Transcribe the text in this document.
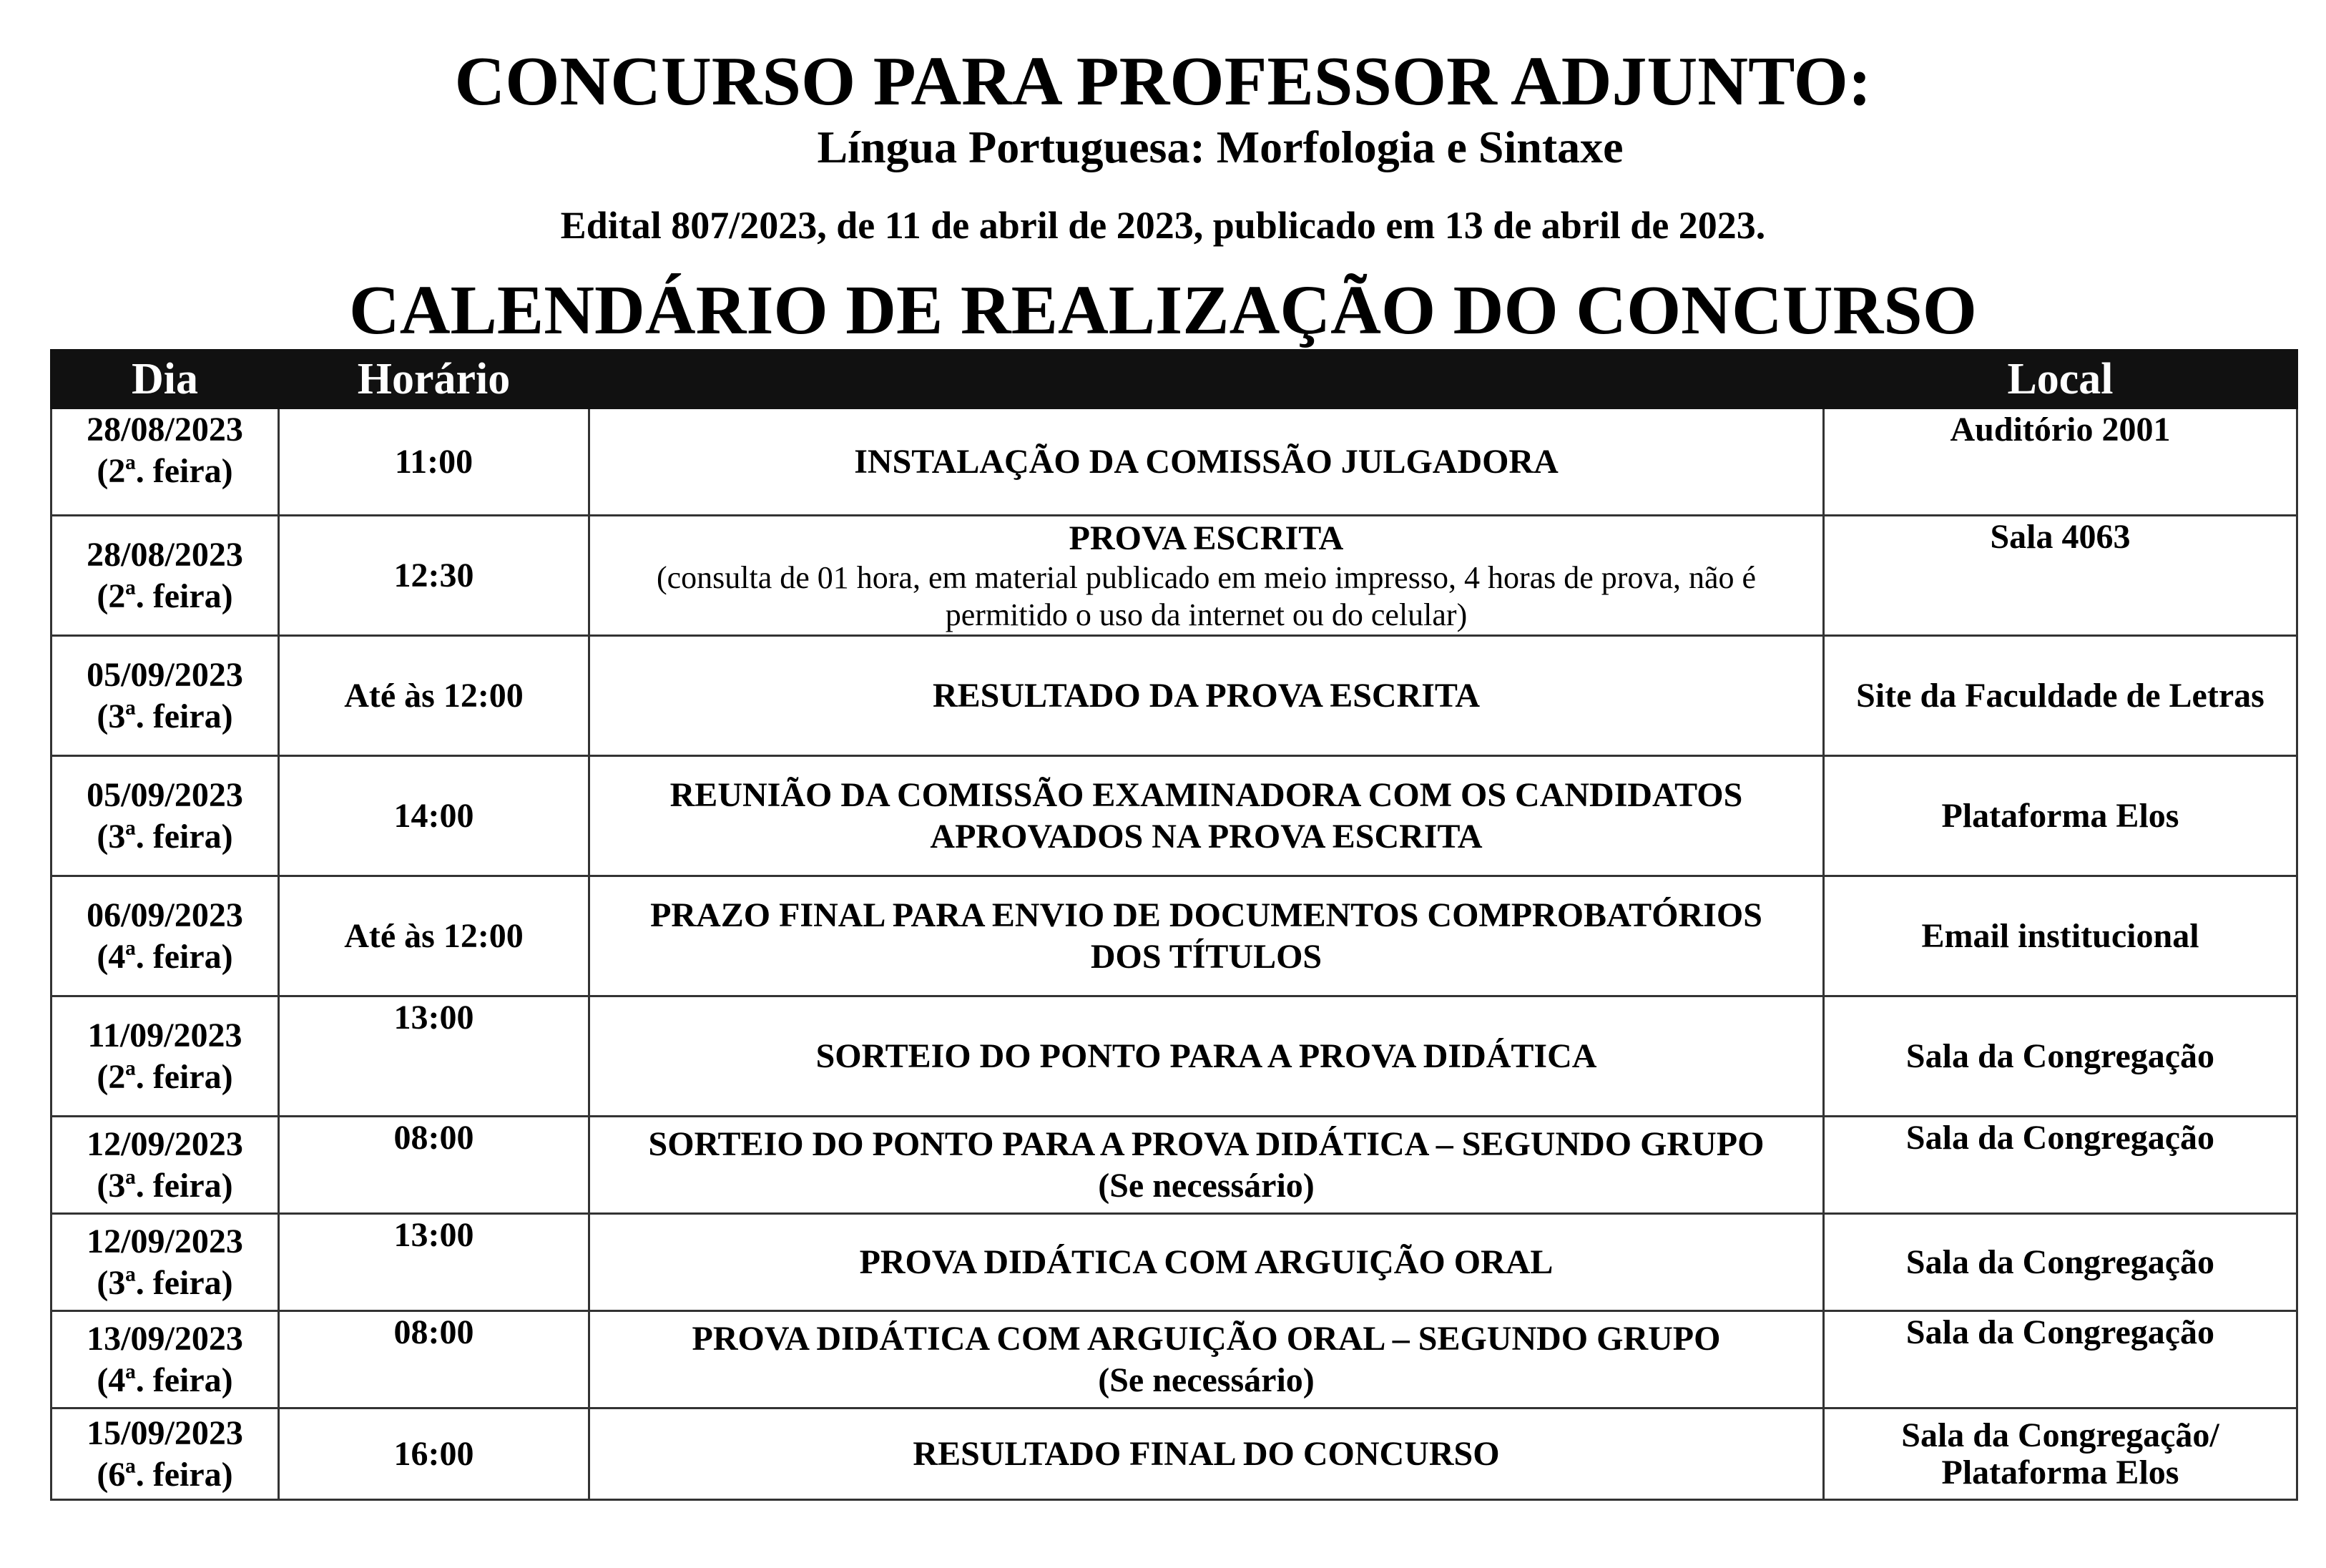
CONCURSO PARA PROFESSOR ADJUNTO:
Língua Portuguesa: Morfologia e Sintaxe
Edital 807/2023, de 11 de abril de 2023, publicado em 13 de abril de 2023.
CALENDÁRIO DE REALIZAÇÃO DO CONCURSO
Dia	Horário		Local

28/08/2023
(2ª. feira)	11:00	INSTALAÇÃO DA COMISSÃO JULGADORA	Auditório 2001

28/08/2023
(2ª. feira)	12:30	PROVA ESCRITA
(consulta de 01 hora, em material publicado em meio impresso, 4 horas de prova, não é permitido o uso da internet ou do celular)	Sala 4063

05/09/2023
(3ª. feira)	Até às 12:00	RESULTADO DA PROVA ESCRITA	Site da Faculdade de Letras

05/09/2023
(3ª. feira)	14:00	REUNIÃO DA COMISSÃO EXAMINADORA COM OS CANDIDATOS APROVADOS NA PROVA ESCRITA	Plataforma Elos

06/09/2023
(4ª. feira)	Até às 12:00	PRAZO FINAL PARA ENVIO DE DOCUMENTOS COMPROBATÓRIOS DOS TÍTULOS	Email institucional

11/09/2023
(2ª. feira)	13:00	SORTEIO DO PONTO PARA A PROVA DIDÁTICA	Sala da Congregação

12/09/2023
(3ª. feira)	08:00	SORTEIO DO PONTO PARA A PROVA DIDÁTICA – SEGUNDO GRUPO
(Se necessário)	Sala da Congregação

12/09/2023
(3ª. feira)	13:00	PROVA DIDÁTICA COM ARGUIÇÃO ORAL	Sala da Congregação

13/09/2023
(4ª. feira)	08:00	PROVA DIDÁTICA COM ARGUIÇÃO ORAL – SEGUNDO GRUPO
(Se necessário)	Sala da Congregação

15/09/2023
(6ª. feira)	16:00	RESULTADO FINAL DO CONCURSO	Sala da Congregação/ Plataforma Elos
